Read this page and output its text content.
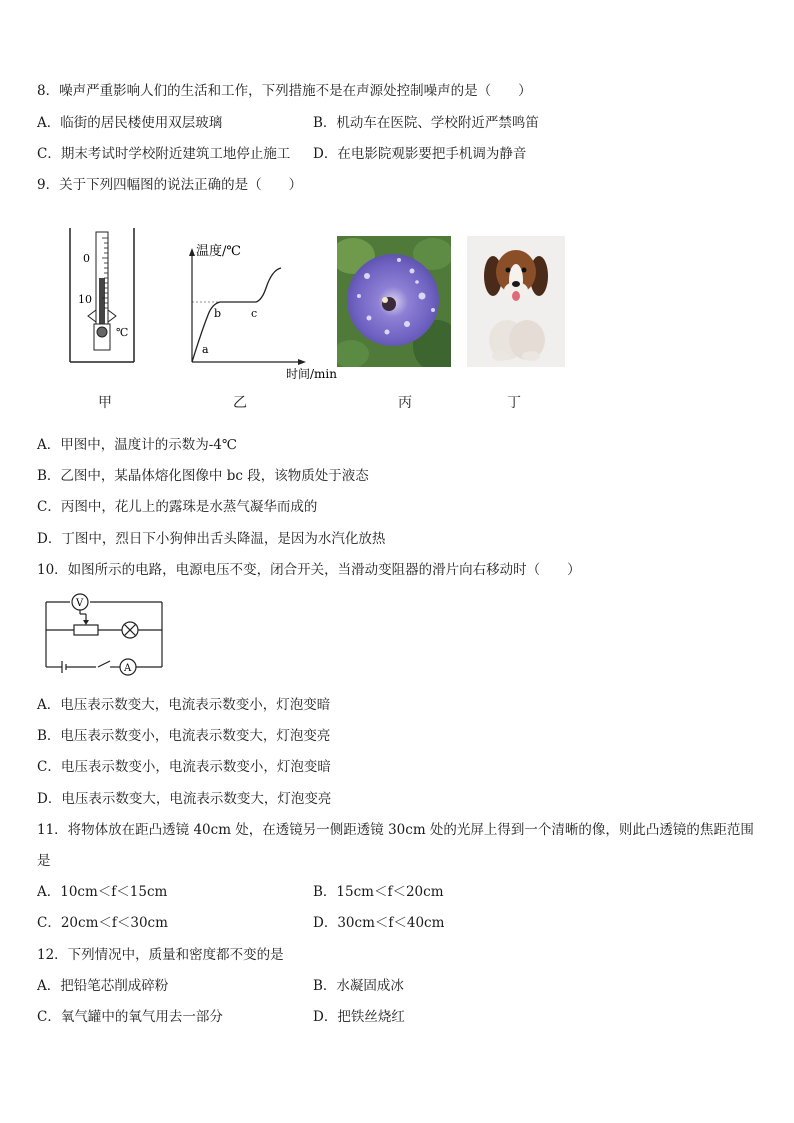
8．噪声严重影响人们的生活和工作，下列措施不是在声源处控制噪声的是（　　）
A．临街的居民楼使用双层玻璃	B．机动车在医院、学校附近严禁鸣笛
C．期末考试时学校附近建筑工地停止施工 D．在电影院观影要把手机调为静音
9．关于下列四幅图的说法正确的是（　　）
0
10
℃
甲
温度/℃
时间/min
a
b	c
乙	丙	丁
A．甲图中，温度计的示数为-4℃
B．乙图中，某晶体熔化图像中 bc 段，该物质处于液态
C．丙图中，花儿上的露珠是水蒸气凝华而成的
D．丁图中，烈日下小狗伸出舌头降温，是因为水汽化放热
10．如图所示的电路，电源电压不变，闭合开关，当滑动变阻器的滑片向右移动时（　　）
V
A
A．电压表示数变大，电流表示数变小，灯泡变暗
B．电压表示数变小，电流表示数变大，灯泡变亮
C．电压表示数变小，电流表示数变小，灯泡变暗
D．电压表示数变大，电流表示数变大，灯泡变亮
11．将物体放在距凸透镜 40cm 处，在透镜另一侧距透镜 30cm 处的光屏上得到一个清晰的像，则此凸透镜的焦距范围
是
A．10cm＜f＜15cm	B．15cm＜f＜20cm
C．20cm＜f＜30cm	D．30cm＜f＜40cm
12．下列情况中，质量和密度都不变的是
A．把铅笔芯削成碎粉	B．水凝固成冰
C．氧气罐中的氧气用去一部分	D．把铁丝烧红
